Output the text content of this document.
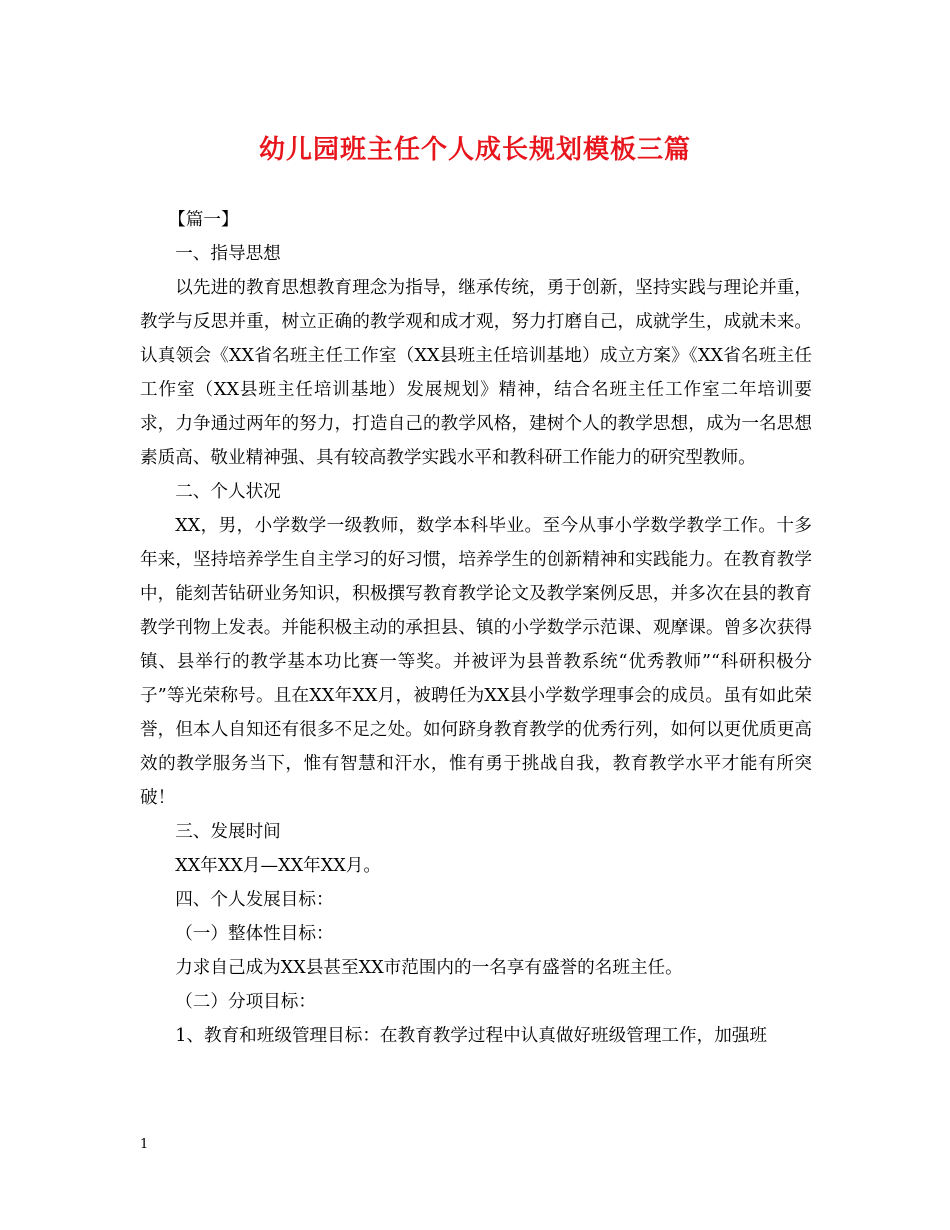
幼儿园班主任个人成长规划模板三篇

【篇一】

一、指导思想

以先进的教育思想教育理念为指导，继承传统，勇于创新，坚持实践与理论并重，教学与反思并重，树立正确的教学观和成才观，努力打磨自己，成就学生，成就未来。认真领会《XX省名班主任工作室（XX县班主任培训基地）成立方案》《XX省名班主任工作室（XX县班主任培训基地）发展规划》精神，结合名班主任工作室二年培训要求，力争通过两年的努力，打造自己的教学风格，建树个人的教学思想，成为一名思想素质高、敬业精神强、具有较高教学实践水平和教科研工作能力的研究型教师。

二、个人状况

XX，男，小学数学一级教师，数学本科毕业。至今从事小学数学教学工作。十多年来，坚持培养学生自主学习的好习惯，培养学生的创新精神和实践能力。在教育教学中，能刻苦钻研业务知识，积极撰写教育教学论文及教学案例反思，并多次在县的教育教学刊物上发表。并能积极主动的承担县、镇的小学数学示范课、观摩课。曾多次获得镇、县举行的教学基本功比赛一等奖。并被评为县普教系统“优秀教师”“科研积极分子”等光荣称号。且在XX年XX月，被聘任为XX县小学数学理事会的成员。虽有如此荣誉，但本人自知还有很多不足之处。如何跻身教育教学的优秀行列，如何以更优质更高效的教学服务当下，惟有智慧和汗水，惟有勇于挑战自我，教育教学水平才能有所突破！

三、发展时间

XX年XX月—XX年XX月。

四、个人发展目标：

（一）整体性目标：

力求自己成为XX县甚至XX市范围内的一名享有盛誉的名班主任。

（二）分项目标：

1、教育和班级管理目标：在教育教学过程中认真做好班级管理工作，加强班

1
